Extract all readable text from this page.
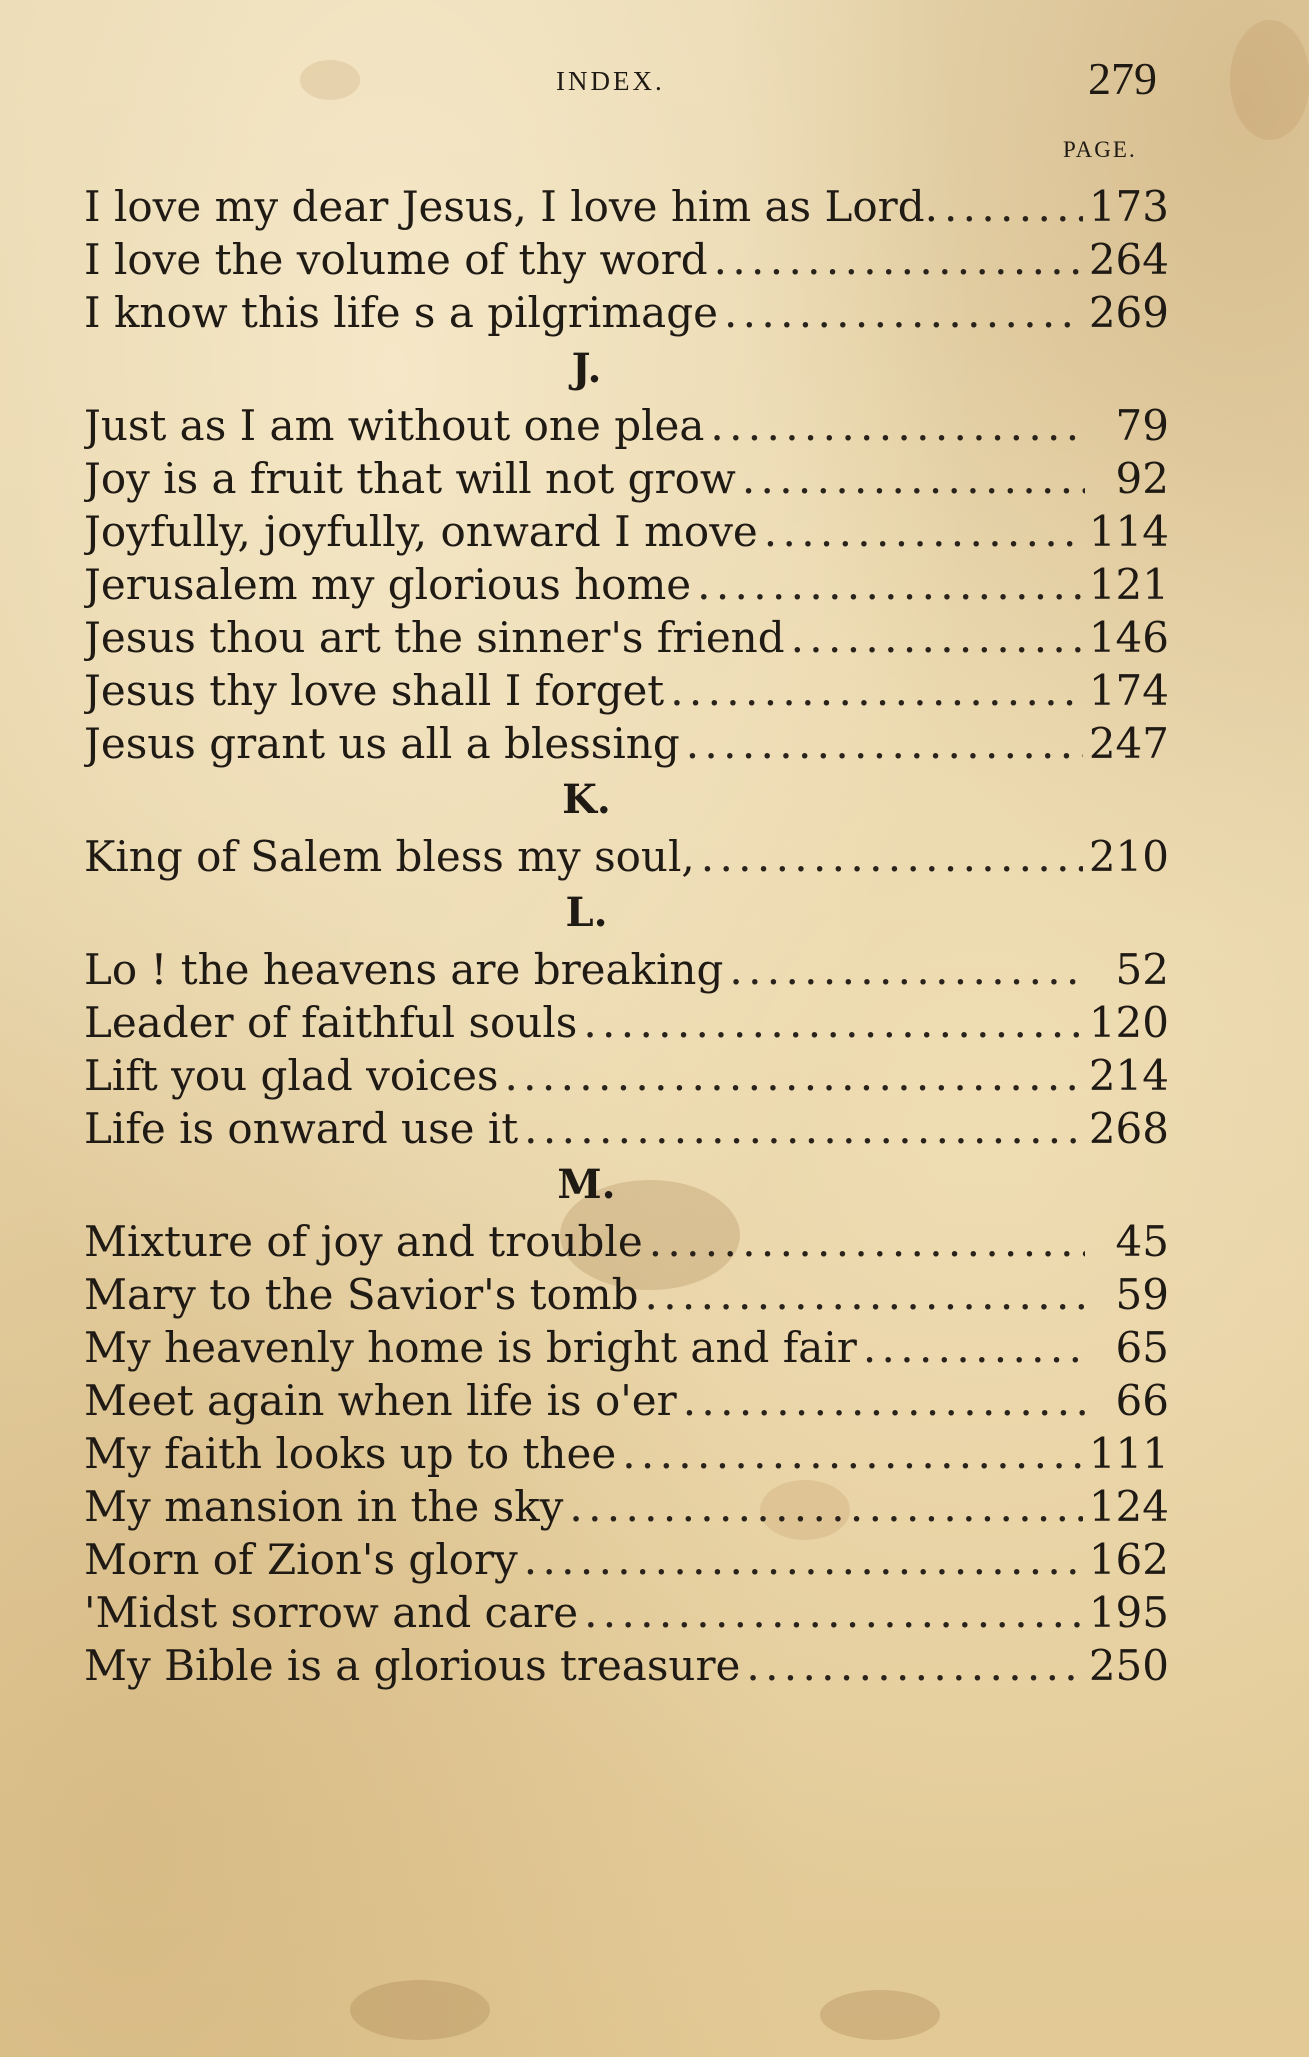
INDEX.	279
PAGE.
I love my dear Jesus, I love him as Lord. . . .	173
I love the volume of thy word . . .	264
I know this life s a pilgrimage . . .	269
J.
Just as I am without one plea . . .	79
Joy is a fruit that will not grow . . .	92
Joyfully, joyfully, onward I move . . .	114
Jerusalem my glorious home . . .	121
Jesus thou art the sinner's friend . . .	146
Jesus thy love shall I forget . . .	174
Jesus grant us all a blessing . . .	247
K.
King of Salem bless my soul, . . .	210
L.
Lo ! the heavens are breaking . . .	52
Leader of faithful souls . . .	120
Lift you glad voices . . .	214
Life is onward use it . . .	268
M.
Mixture of joy and trouble . . .	45
Mary to the Savior's tomb . . .	59
My heavenly home is bright and fair . . .	65
Meet again when life is o'er . . .	66
My faith looks up to thee . . .	111
My mansion in the sky . . .	124
Morn of Zion's glory . . .	162
'Midst sorrow and care . . .	195
My Bible is a glorious treasure . . .	250
